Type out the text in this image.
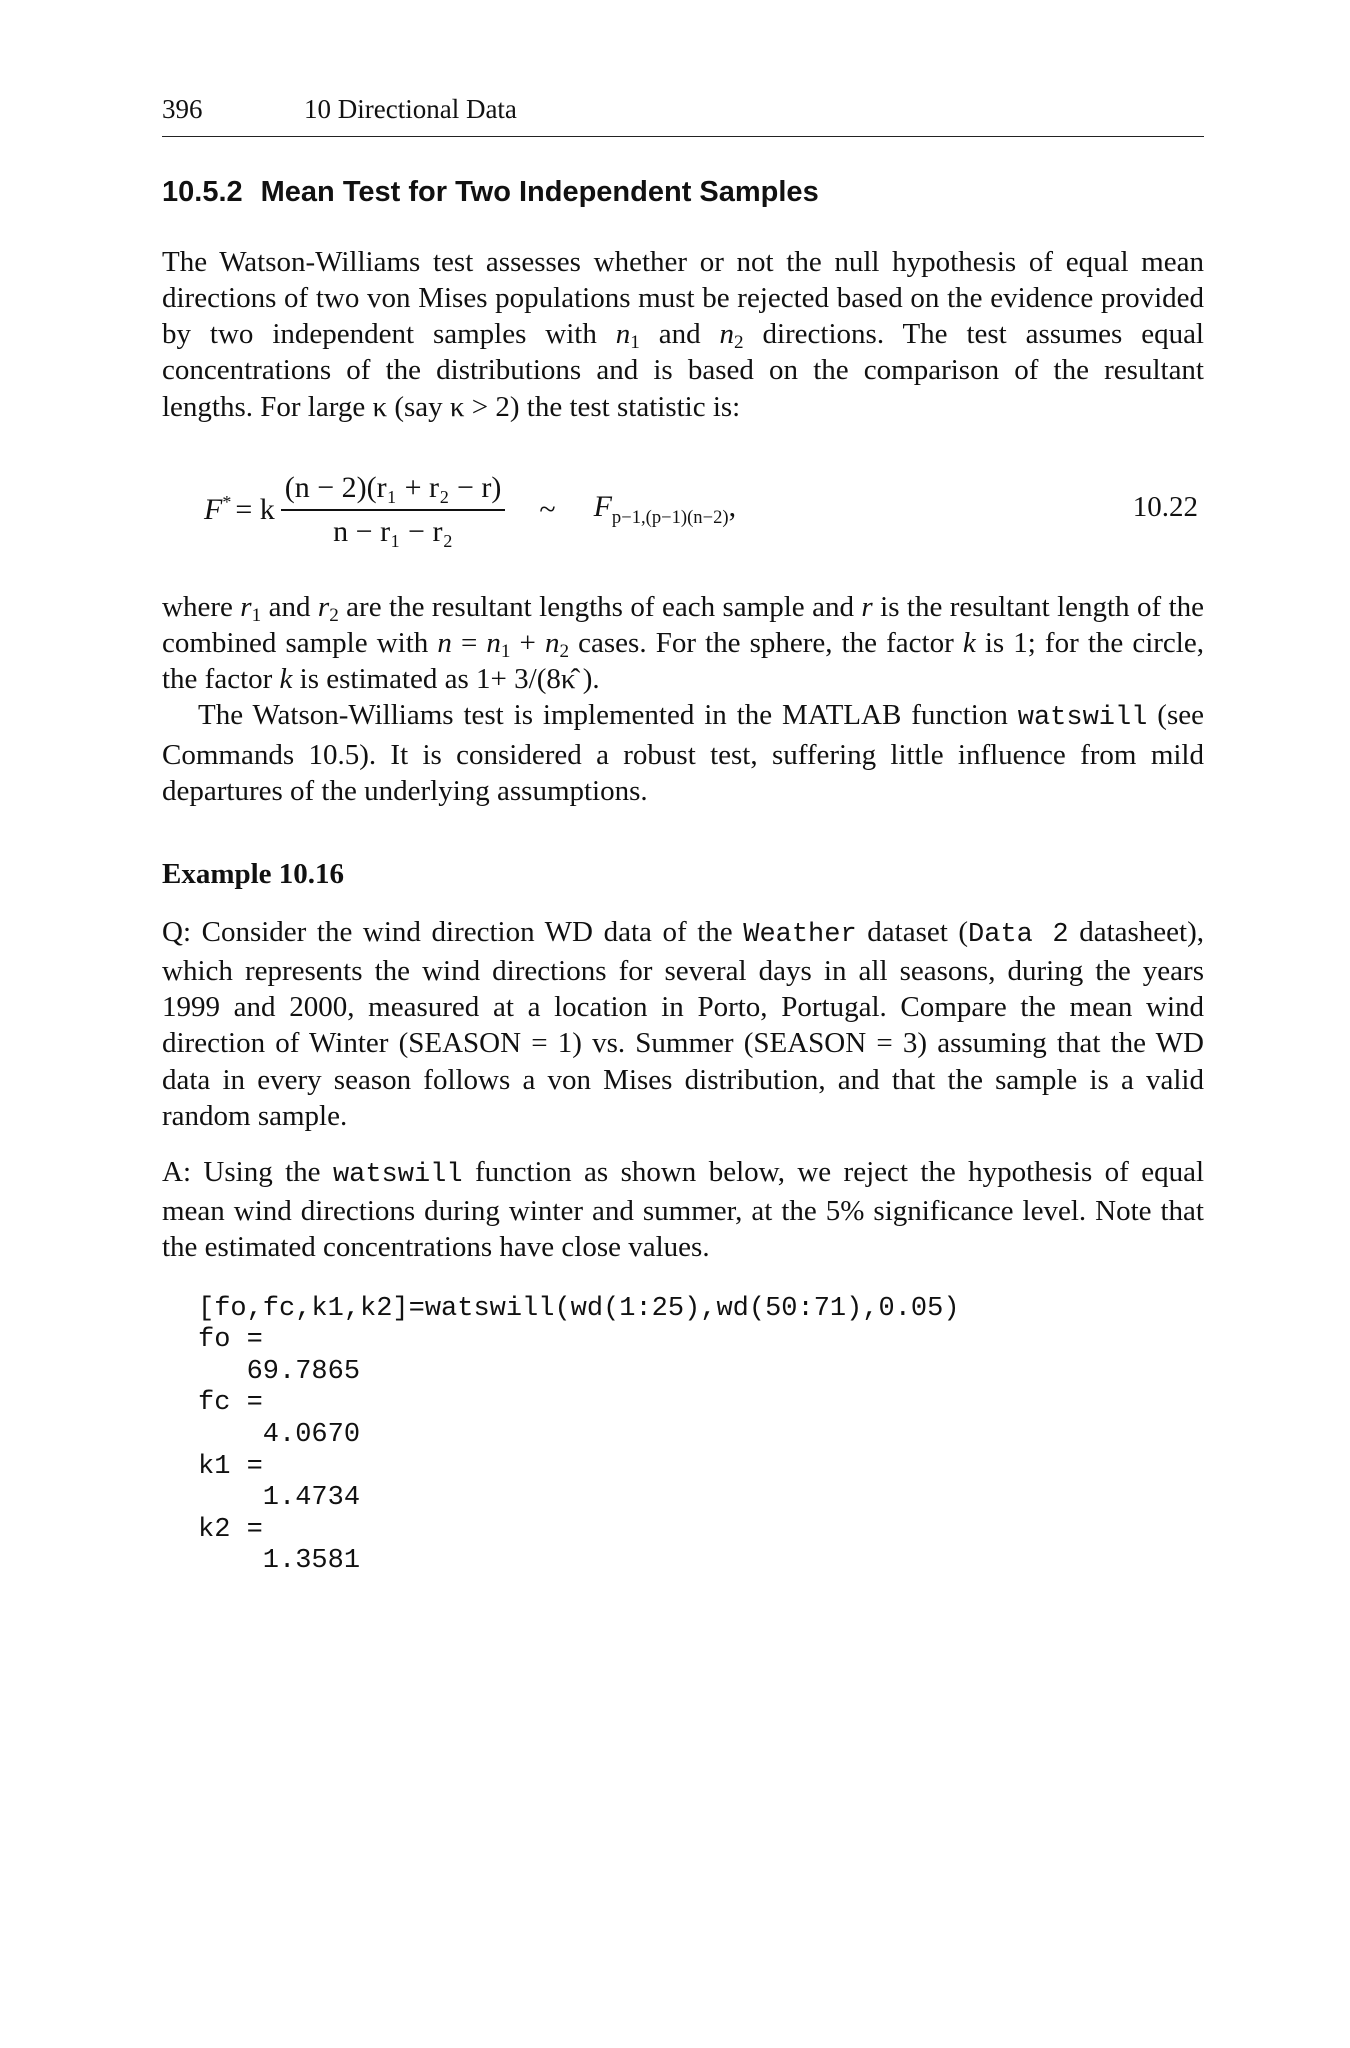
396	10 Directional Data
10.5.2 Mean Test for Two Independent Samples

The Watson-Williams test assesses whether or not the null hypothesis of equal mean directions of two von Mises populations must be rejected based on the evidence provided by two independent samples with $n_1$ and $n_2$ directions. The test assumes equal concentrations of the distributions and is based on the comparison of the resultant lengths. For large κ (say κ > 2) the test statistic is:

F* = k $\frac{\text{(n − 2)(r₁ + r₂ − r)}}{\text{n − r₁ − r₂}}$ ~ $F_{p-1,(p-1)(n-2)}$,	10.22

where $r_1$ and $r_2$ are the resultant lengths of each sample and r is the resultant length of the combined sample with $n = n_1 + n_2$ cases. For the sphere, the factor k is 1; for the circle, the factor k is estimated as 1+ 3/(8κ̂ ).

The Watson-Williams test is implemented in the MATLAB function watswill (see Commands 10.5). It is considered a robust test, suffering little influence from mild departures of the underlying assumptions.

Example 10.16

Q: Consider the wind direction WD data of the Weather dataset (Data 2 datasheet), which represents the wind directions for several days in all seasons, during the years 1999 and 2000, measured at a location in Porto, Portugal. Compare the mean wind direction of Winter (SEASON = 1) vs. Summer (SEASON = 3) assuming that the WD data in every season follows a von Mises distribution, and that the sample is a valid random sample.

A: Using the watswill function as shown below, we reject the hypothesis of equal mean wind directions during winter and summer, at the 5% significance level. Note that the estimated concentrations have close values.

[fo,fc,k1,k2]=watswill(wd(1:25),wd(50:71),0.05)
fo =
69.7865
fc =
4.0670
k1 =
1.4734
k2 =
1.3581
